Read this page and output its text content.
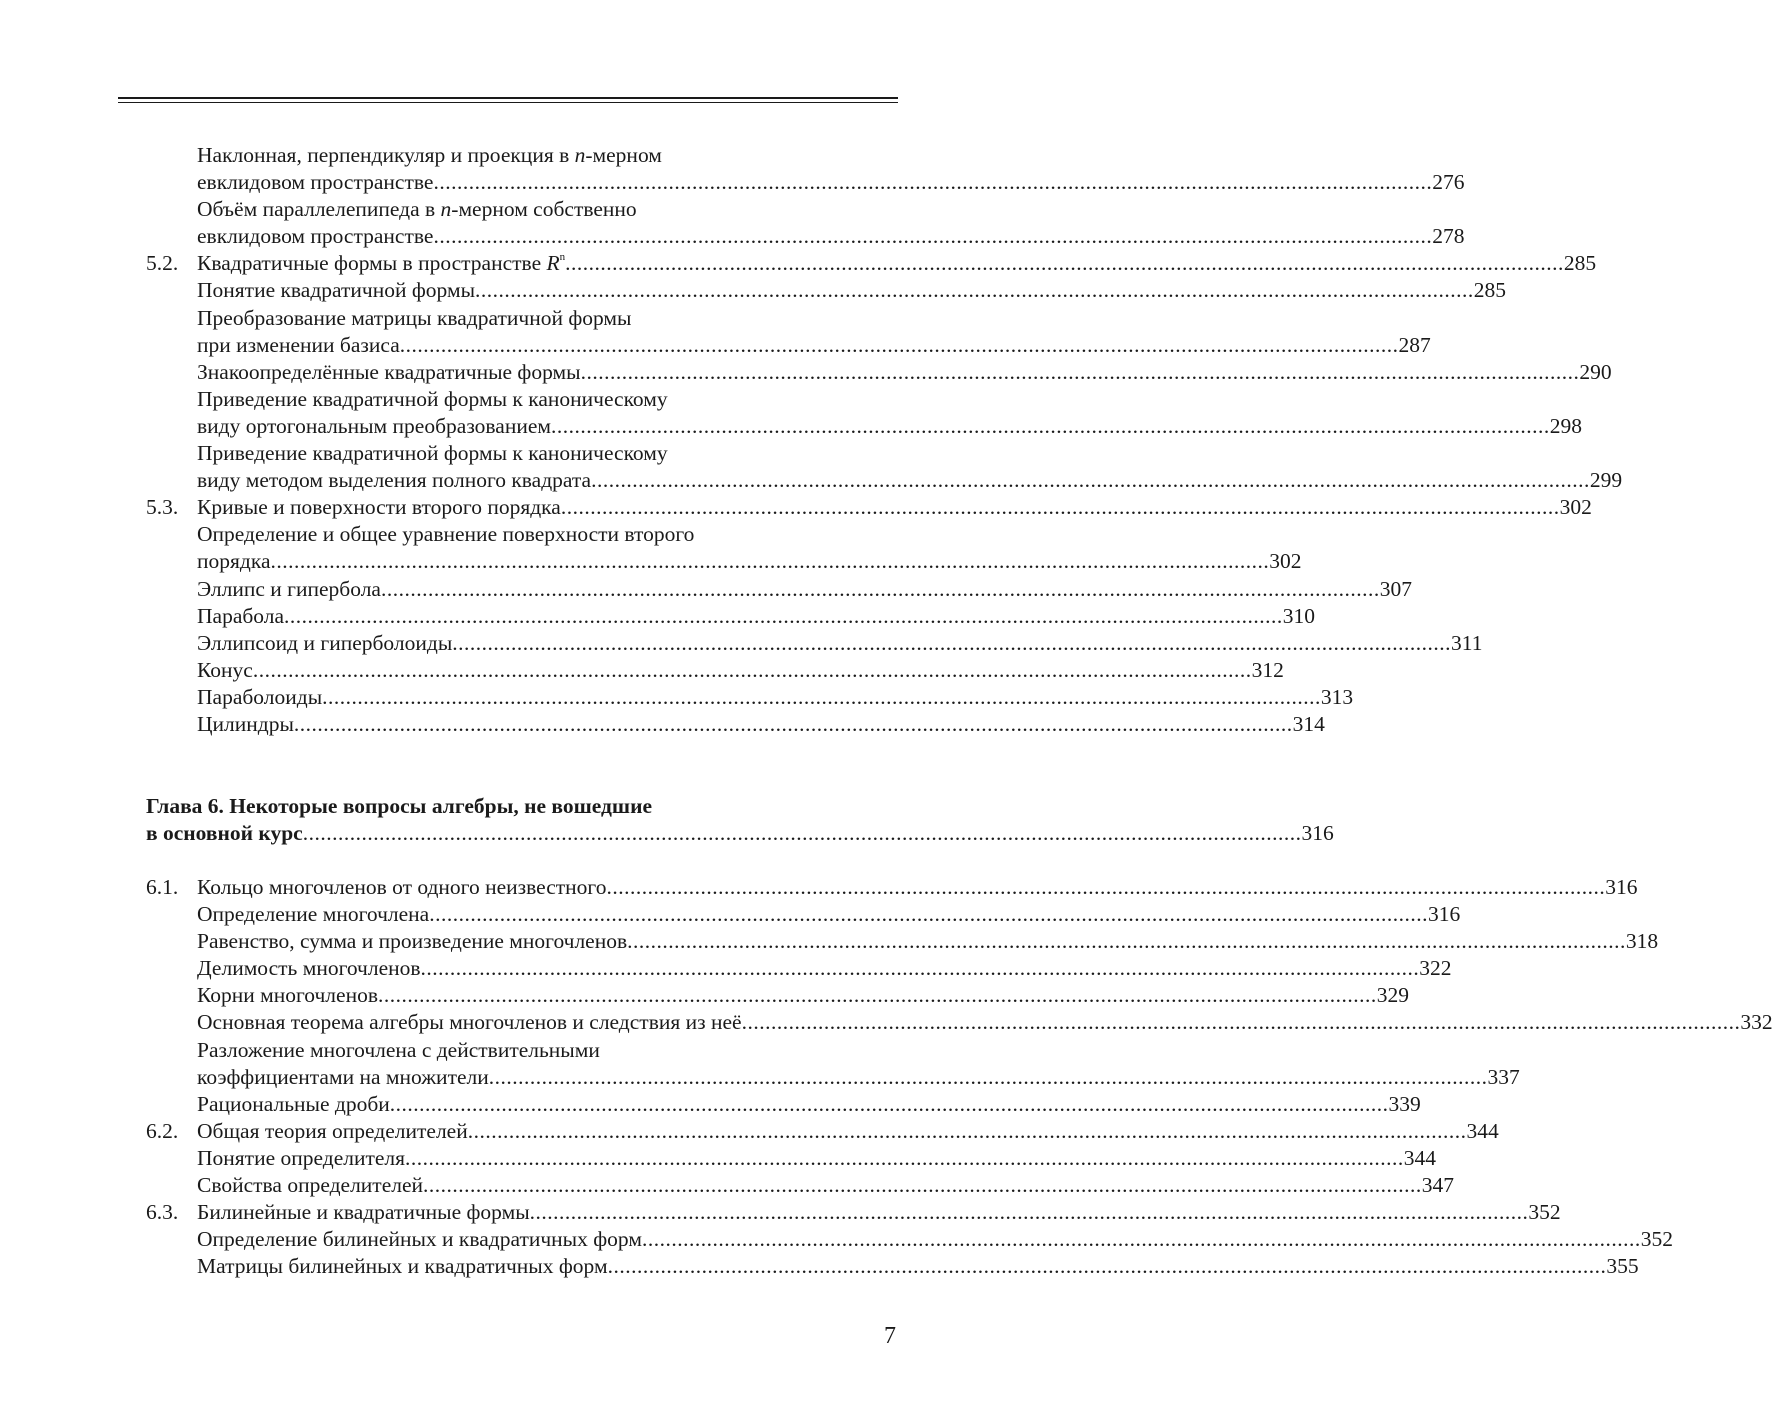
Наклонная, перпендикуляр и проекция в n-мерном
евклидовом пространстве .......................................................................................................................................................................... 276
Объём параллелепипеда в n-мерном собственно
евклидовом пространстве .......................................................................................................................................................................... 278
5.2. Квадратичные формы в пространстве $R^n$ .......................................................................................................................................................................... 285
Понятие квадратичной формы .......................................................................................................................................................................... 285
Преобразование матрицы квадратичной формы
при изменении базиса .......................................................................................................................................................................... 287
Знакоопределённые квадратичные формы .......................................................................................................................................................................... 290
Приведение квадратичной формы к каноническому
виду ортогональным преобразованием .......................................................................................................................................................................... 298
Приведение квадратичной формы к каноническому
виду методом выделения полного квадрата .......................................................................................................................................................................... 299
5.3. Кривые и поверхности второго порядка .......................................................................................................................................................................... 302
Определение и общее уравнение поверхности второго
порядка .......................................................................................................................................................................... 302
Эллипс и гипербола .......................................................................................................................................................................... 307
Парабола .......................................................................................................................................................................... 310
Эллипсоид и гиперболоиды .......................................................................................................................................................................... 311
Конус .......................................................................................................................................................................... 312
Параболоиды .......................................................................................................................................................................... 313
Цилиндры .......................................................................................................................................................................... 314
Глава 6. Некоторые вопросы алгебры, не вошедшие
в основной курс .......................................................................................................................................................................... 316
6.1. Кольцо многочленов от одного неизвестного .......................................................................................................................................................................... 316
Определение многочлена .......................................................................................................................................................................... 316
Равенство, сумма и произведение многочленов .......................................................................................................................................................................... 318
Делимость многочленов .......................................................................................................................................................................... 322
Корни многочленов .......................................................................................................................................................................... 329
Основная теорема алгебры многочленов и следствия из неё .......................................................................................................................................................................... 332
Разложение многочлена с действительными
коэффициентами на множители .......................................................................................................................................................................... 337
Рациональные дроби .......................................................................................................................................................................... 339
6.2. Общая теория определителей .......................................................................................................................................................................... 344
Понятие определителя .......................................................................................................................................................................... 344
Свойства определителей .......................................................................................................................................................................... 347
6.3. Билинейные и квадратичные формы .......................................................................................................................................................................... 352
Определение билинейных и квадратичных форм .......................................................................................................................................................................... 352
Матрицы билинейных и квадратичных форм .......................................................................................................................................................................... 355
7
